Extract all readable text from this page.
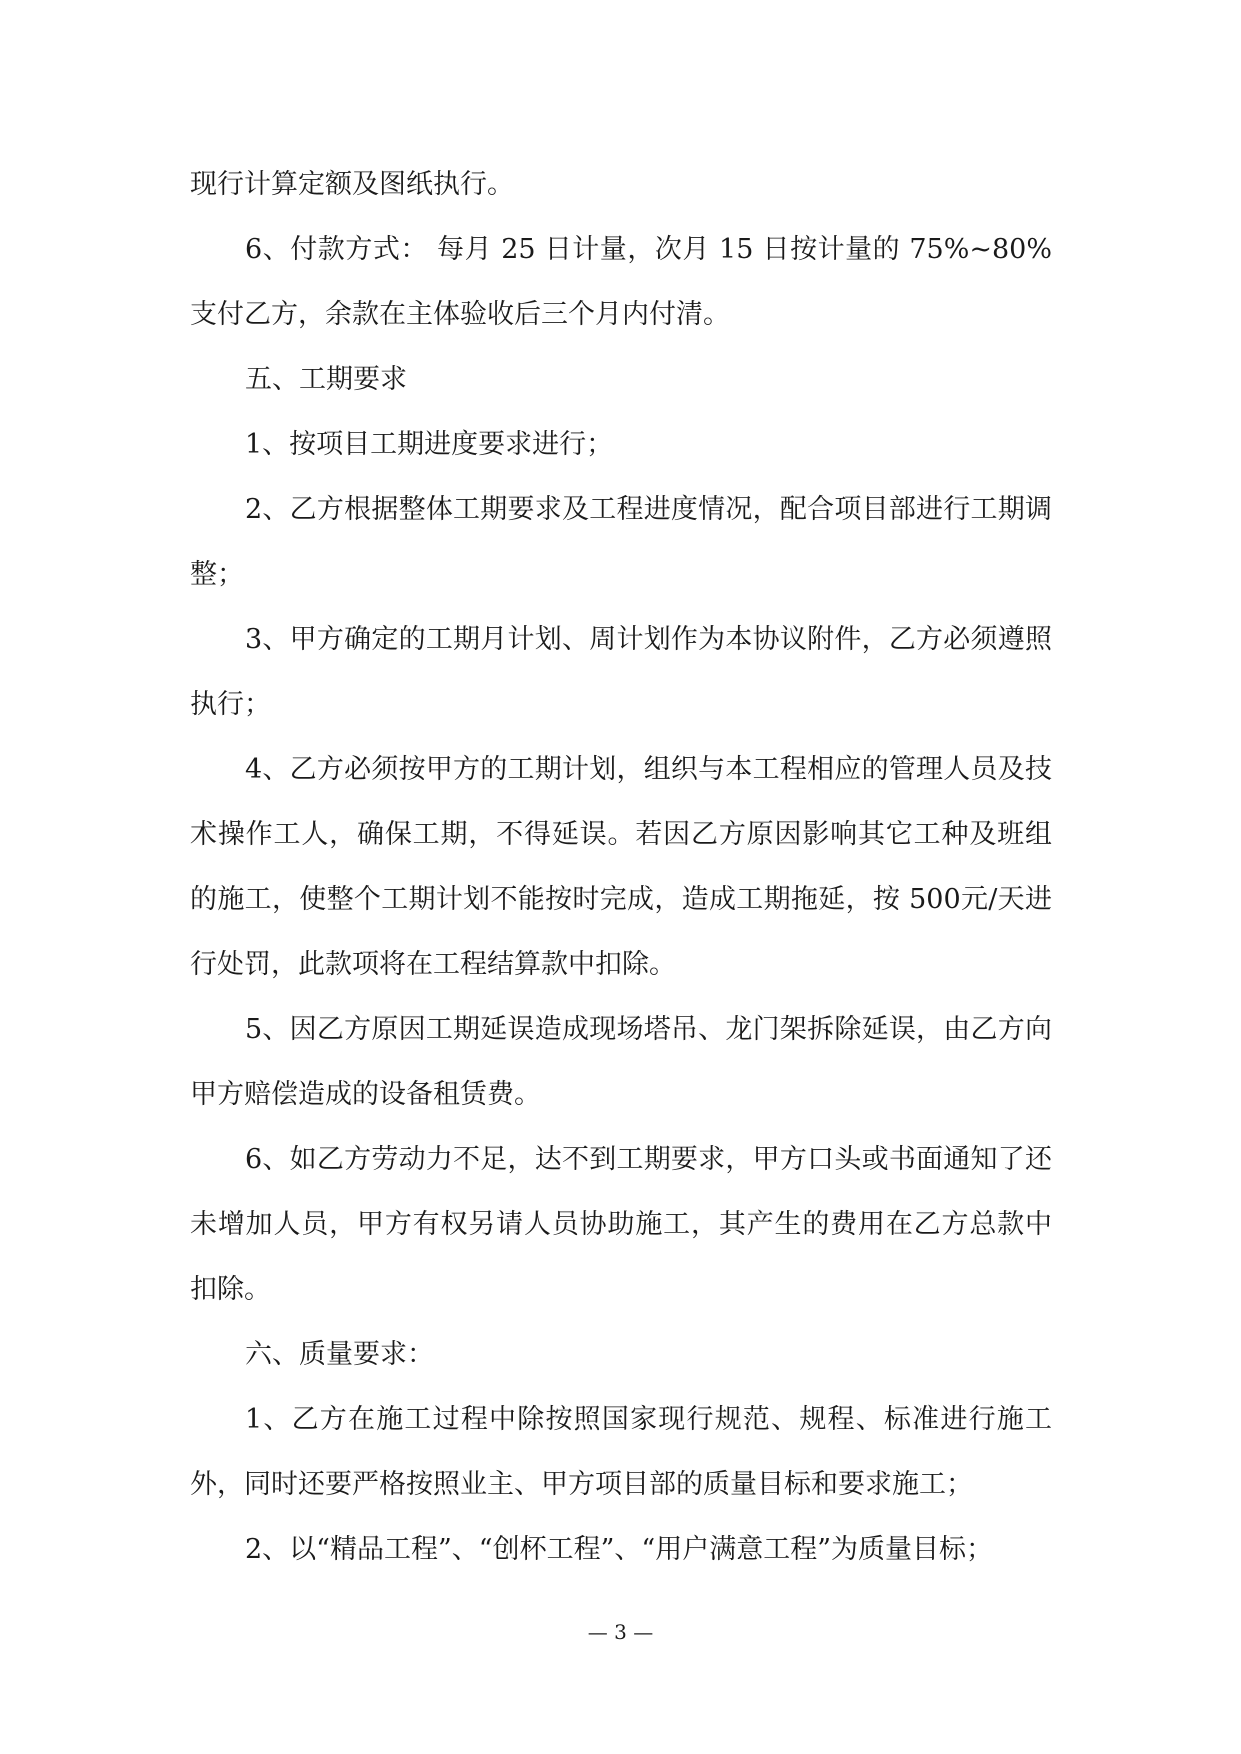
现行计算定额及图纸执行。

6、付款方式： 每月 25 日计量，次月 15 日按计量的 75%~80%支付乙方，余款在主体验收后三个月内付清。

五、工期要求

1、按项目工期进度要求进行；

2、乙方根据整体工期要求及工程进度情况，配合项目部进行工期调整；

3、甲方确定的工期月计划、周计划作为本协议附件，乙方必须遵照执行；

4、乙方必须按甲方的工期计划，组织与本工程相应的管理人员及技术操作工人，确保工期，不得延误。若因乙方原因影响其它工种及班组的施工，使整个工期计划不能按时完成，造成工期拖延，按 500元/天进行处罚，此款项将在工程结算款中扣除。

5、因乙方原因工期延误造成现场塔吊、龙门架拆除延误，由乙方向甲方赔偿造成的设备租赁费。

6、如乙方劳动力不足，达不到工期要求，甲方口头或书面通知了还未增加人员，甲方有权另请人员协助施工，其产生的费用在乙方总款中扣除。

六、质量要求：

1、乙方在施工过程中除按照国家现行规范、规程、标准进行施工外，同时还要严格按照业主、甲方项目部的质量目标和要求施工；

2、以“精品工程”、“创杯工程”、“用户满意工程”为质量目标；

— 3 —
